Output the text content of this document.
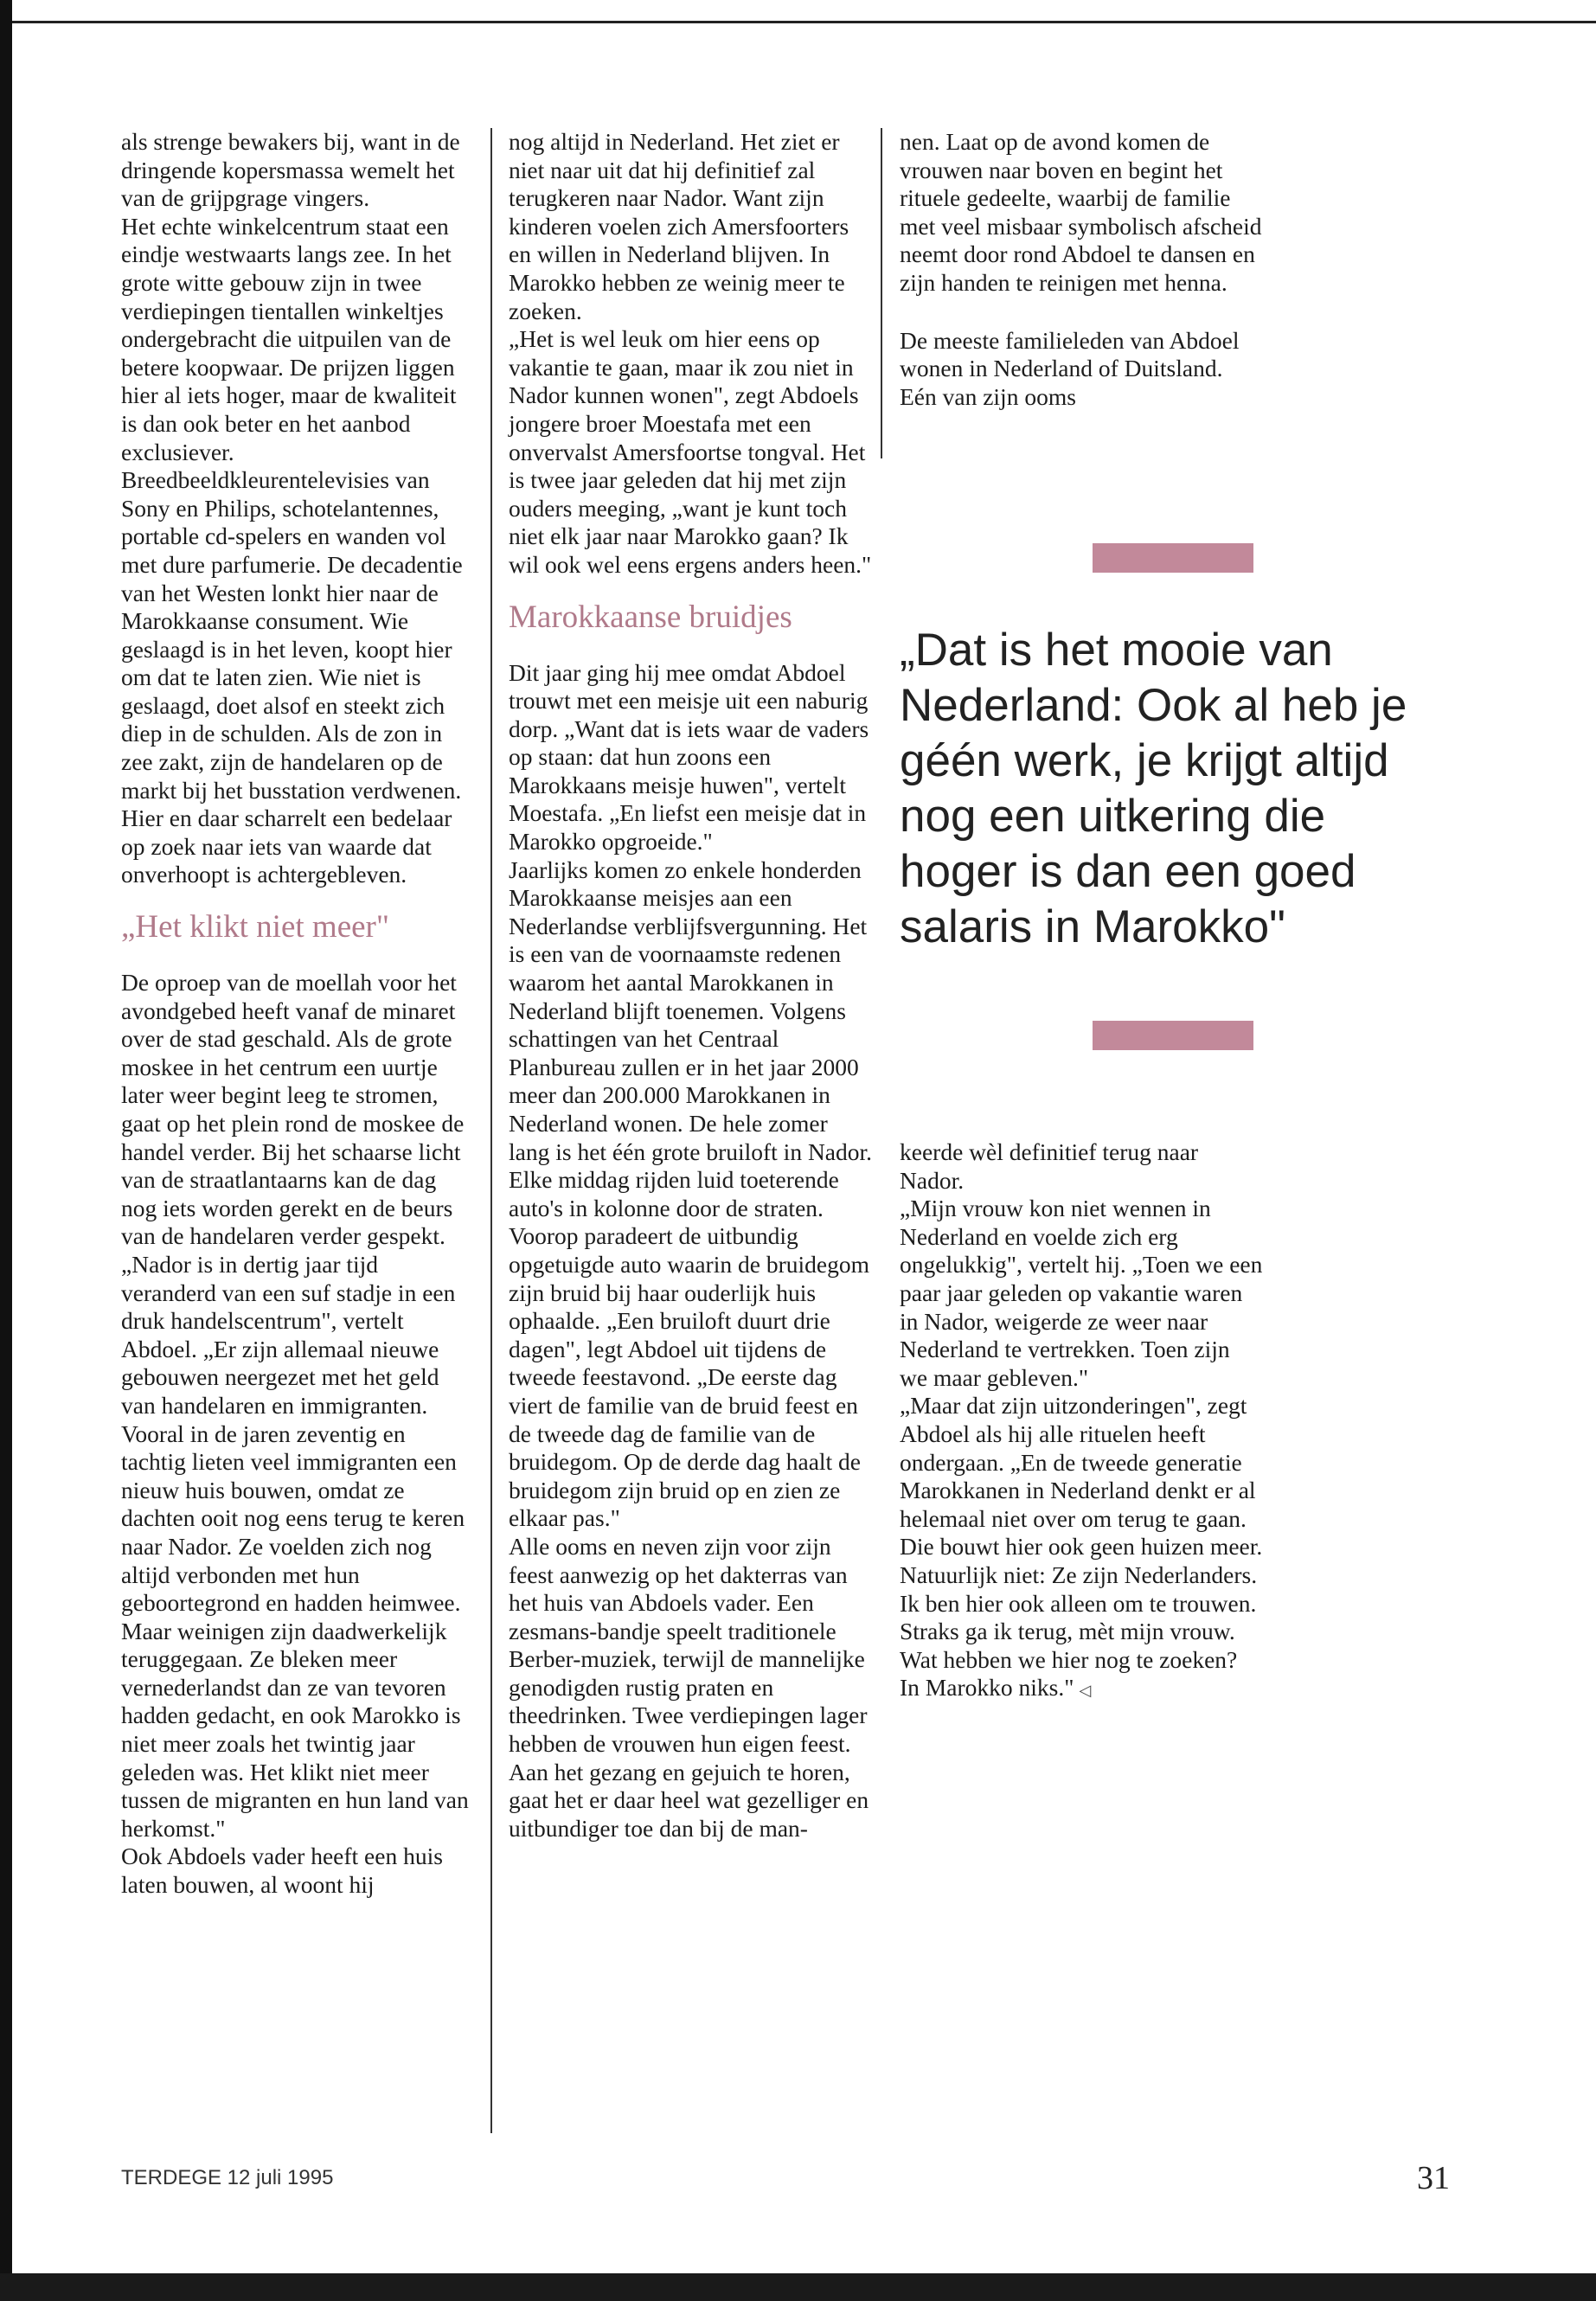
als strenge bewakers bij, want in de dringende kopersmassa wemelt het van de grijpgrage vingers.

Het echte winkelcentrum staat een eindje westwaarts langs zee. In het grote witte gebouw zijn in twee verdiepingen tientallen winkeltjes ondergebracht die uitpuilen van de betere koopwaar. De prijzen liggen hier al iets hoger, maar de kwaliteit is dan ook beter en het aanbod exclusiever. Breedbeeldkleurentelevisies van Sony en Philips, schotelantennes, portable cd-spelers en wanden vol met dure parfumerie. De decadentie van het Westen lonkt hier naar de Marokkaanse consument. Wie geslaagd is in het leven, koopt hier om dat te laten zien. Wie niet is geslaagd, doet alsof en steekt zich diep in de schulden. Als de zon in zee zakt, zijn de handelaren op de markt bij het busstation verdwenen. Hier en daar scharrelt een bedelaar op zoek naar iets van waarde dat onverhoopt is achtergebleven.

„Het klikt niet meer"

De oproep van de moellah voor het avondgebed heeft vanaf de minaret over de stad geschald. Als de grote moskee in het centrum een uurtje later weer begint leeg te stromen, gaat op het plein rond de moskee de handel verder. Bij het schaarse licht van de straatlantaarns kan de dag nog iets worden gerekt en de beurs van de handelaren verder gespekt.

„Nador is in dertig jaar tijd veranderd van een suf stadje in een druk handelscentrum", vertelt Abdoel. „Er zijn allemaal nieuwe gebouwen neergezet met het geld van handelaren en immigranten. Vooral in de jaren zeventig en tachtig lieten veel immigranten een nieuw huis bouwen, omdat ze dachten ooit nog eens terug te keren naar Nador. Ze voelden zich nog altijd verbonden met hun geboortegrond en hadden heimwee. Maar weinigen zijn daadwerkelijk teruggegaan. Ze bleken meer vernederlandst dan ze van tevoren hadden gedacht, en ook Marokko is niet meer zoals het twintig jaar geleden was. Het klikt niet meer tussen de migranten en hun land van herkomst."

Ook Abdoels vader heeft een huis laten bouwen, al woont hij

nog altijd in Nederland. Het ziet er niet naar uit dat hij definitief zal terugkeren naar Nador. Want zijn kinderen voelen zich Amersfoorters en willen in Nederland blijven. In Marokko hebben ze weinig meer te zoeken.

„Het is wel leuk om hier eens op vakantie te gaan, maar ik zou niet in Nador kunnen wonen", zegt Abdoels jongere broer Moestafa met een onvervalst Amersfoortse tongval. Het is twee jaar geleden dat hij met zijn ouders meeging, „want je kunt toch niet elk jaar naar Marokko gaan? Ik wil ook wel eens ergens anders heen."

Marokkaanse bruidjes

Dit jaar ging hij mee omdat Abdoel trouwt met een meisje uit een naburig dorp. „Want dat is iets waar de vaders op staan: dat hun zoons een Marokkaans meisje huwen", vertelt Moestafa. „En liefst een meisje dat in Marokko opgroeide."

Jaarlijks komen zo enkele honderden Marokkaanse meisjes aan een Nederlandse verblijfsvergunning. Het is een van de voornaamste redenen waarom het aantal Marokkanen in Nederland blijft toenemen. Volgens schattingen van het Centraal Planbureau zullen er in het jaar 2000 meer dan 200.000 Marokkanen in Nederland wonen. De hele zomer lang is het één grote bruiloft in Nador. Elke middag rijden luid toeterende auto's in kolonne door de straten. Voorop paradeert de uitbundig opgetuigde auto waarin de bruidegom zijn bruid bij haar ouderlijk huis ophaalde. „Een bruiloft duurt drie dagen", legt Abdoel uit tijdens de tweede feestavond. „De eerste dag viert de familie van de bruid feest en de tweede dag de familie van de bruidegom. Op de derde dag haalt de bruidegom zijn bruid op en zien ze elkaar pas."

Alle ooms en neven zijn voor zijn feest aanwezig op het dakterras van het huis van Abdoels vader. Een zesmans-bandje speelt traditionele Berber-muziek, terwijl de mannelijke genodigden rustig praten en theedrinken. Twee verdiepingen lager hebben de vrouwen hun eigen feest. Aan het gezang en gejuich te horen, gaat het er daar heel wat gezelliger en uitbundiger toe dan bij de man-

nen. Laat op de avond komen de vrouwen naar boven en begint het rituele gedeelte, waarbij de familie met veel misbaar symbolisch afscheid neemt door rond Abdoel te dansen en zijn handen te reinigen met henna.

De meeste familieleden van Abdoel wonen in Nederland of Duitsland. Eén van zijn ooms

„Dat is het mooie van Nederland: Ook al heb je géén werk, je krijgt altijd nog een uitkering die hoger is dan een goed salaris in Marokko"

keerde wèl definitief terug naar Nador.

„Mijn vrouw kon niet wennen in Nederland en voelde zich erg ongelukkig", vertelt hij. „Toen we een paar jaar geleden op vakantie waren in Nador, weigerde ze weer naar Nederland te vertrekken. Toen zijn we maar gebleven."

„Maar dat zijn uitzonderingen", zegt Abdoel als hij alle rituelen heeft ondergaan. „En de tweede generatie Marokkanen in Nederland denkt er al helemaal niet over om terug te gaan. Die bouwt hier ook geen huizen meer. Natuurlijk niet: Ze zijn Nederlanders. Ik ben hier ook alleen om te trouwen. Straks ga ik terug, mèt mijn vrouw. Wat hebben we hier nog te zoeken? In Marokko niks." ◁

TERDEGE 12 juli 1995	31
